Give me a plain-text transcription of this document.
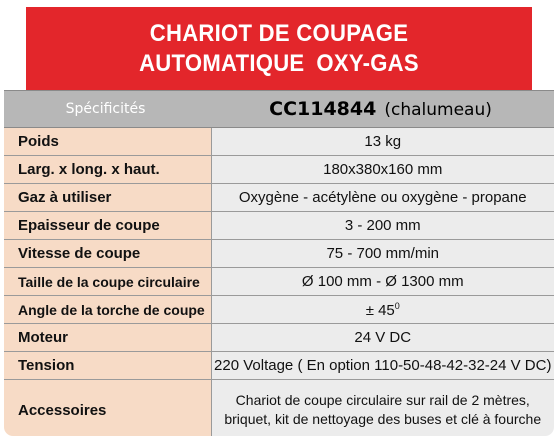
CHARIOT DE COUPAGE
AUTOMATIQUE OXY-GAS
Spécificités	CC114844 (chalumeau)
Poids	13 kg
Larg. x long. x haut.	180x380x160 mm
Gaz à utiliser	Oxygène - acétylène ou oxygène - propane
Epaisseur de coupe	3 - 200 mm
Vitesse de coupe	75 - 700 mm/min
Taille de la coupe circulaire	Ø 100 mm - Ø 1300 mm
Angle de la torche de coupe	± $45^0$
Moteur	24 V DC
Tension	220 Voltage ( En option 110-50-48-42-32-24 V DC)
Accessoires	Chariot de coupe circulaire sur rail de 2 mètres,
briquet, kit de nettoyage des buses et clé à fourche
